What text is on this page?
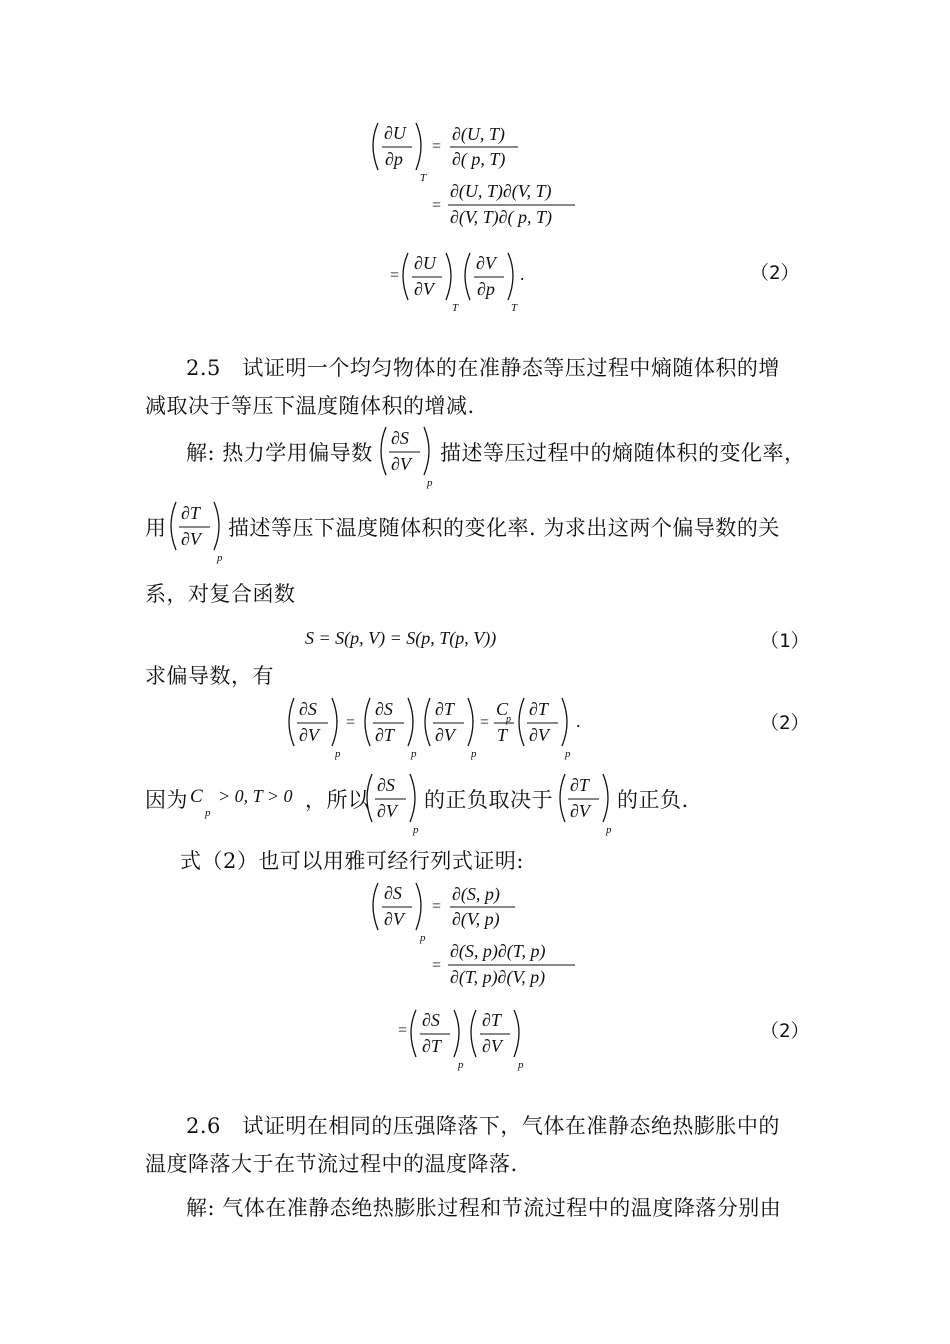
∂U
∂p
T
=
∂(U, T)
∂( p, T)
=
∂(U, T)∂(V, T)
∂(V, T)∂( p, T)
=
∂U
∂V
T
∂V
∂p
T
.	（2）
2.5　试证明一个均匀物体的在准静态等压过程中熵随体积的增
减取决于等压下温度随体积的增减.
解: 热力学用偏导数
∂S
∂V
p
描述等压过程中的熵随体积的变化率，
用
∂T
∂V
p
描述等压下温度随体积的变化率. 为求出这两个偏导数的关
系，对复合函数
S = S(p, V) = S(p, T(p, V))	（1）
求偏导数，有
∂S
∂V
p
=
∂S
∂T
p
∂T
∂V
p
=
C
p
T
∂T
∂V
p
.	（2）
因为 C
p
> 0, T > 0 ，所以
∂S
∂V
p
的正负取决于
∂T
∂V
p
的正负.
式（2）也可以用雅可经行列式证明:
∂S
∂V
p
=
∂(S, p)
∂(V, p)
=
∂(S, p)∂(T, p)
∂(T, p)∂(V, p)
=
∂S
∂T
p
∂T
∂V
p
（2）
2.6　试证明在相同的压强降落下，气体在准静态绝热膨胀中的
温度降落大于在节流过程中的温度降落.
解: 气体在准静态绝热膨胀过程和节流过程中的温度降落分别由
